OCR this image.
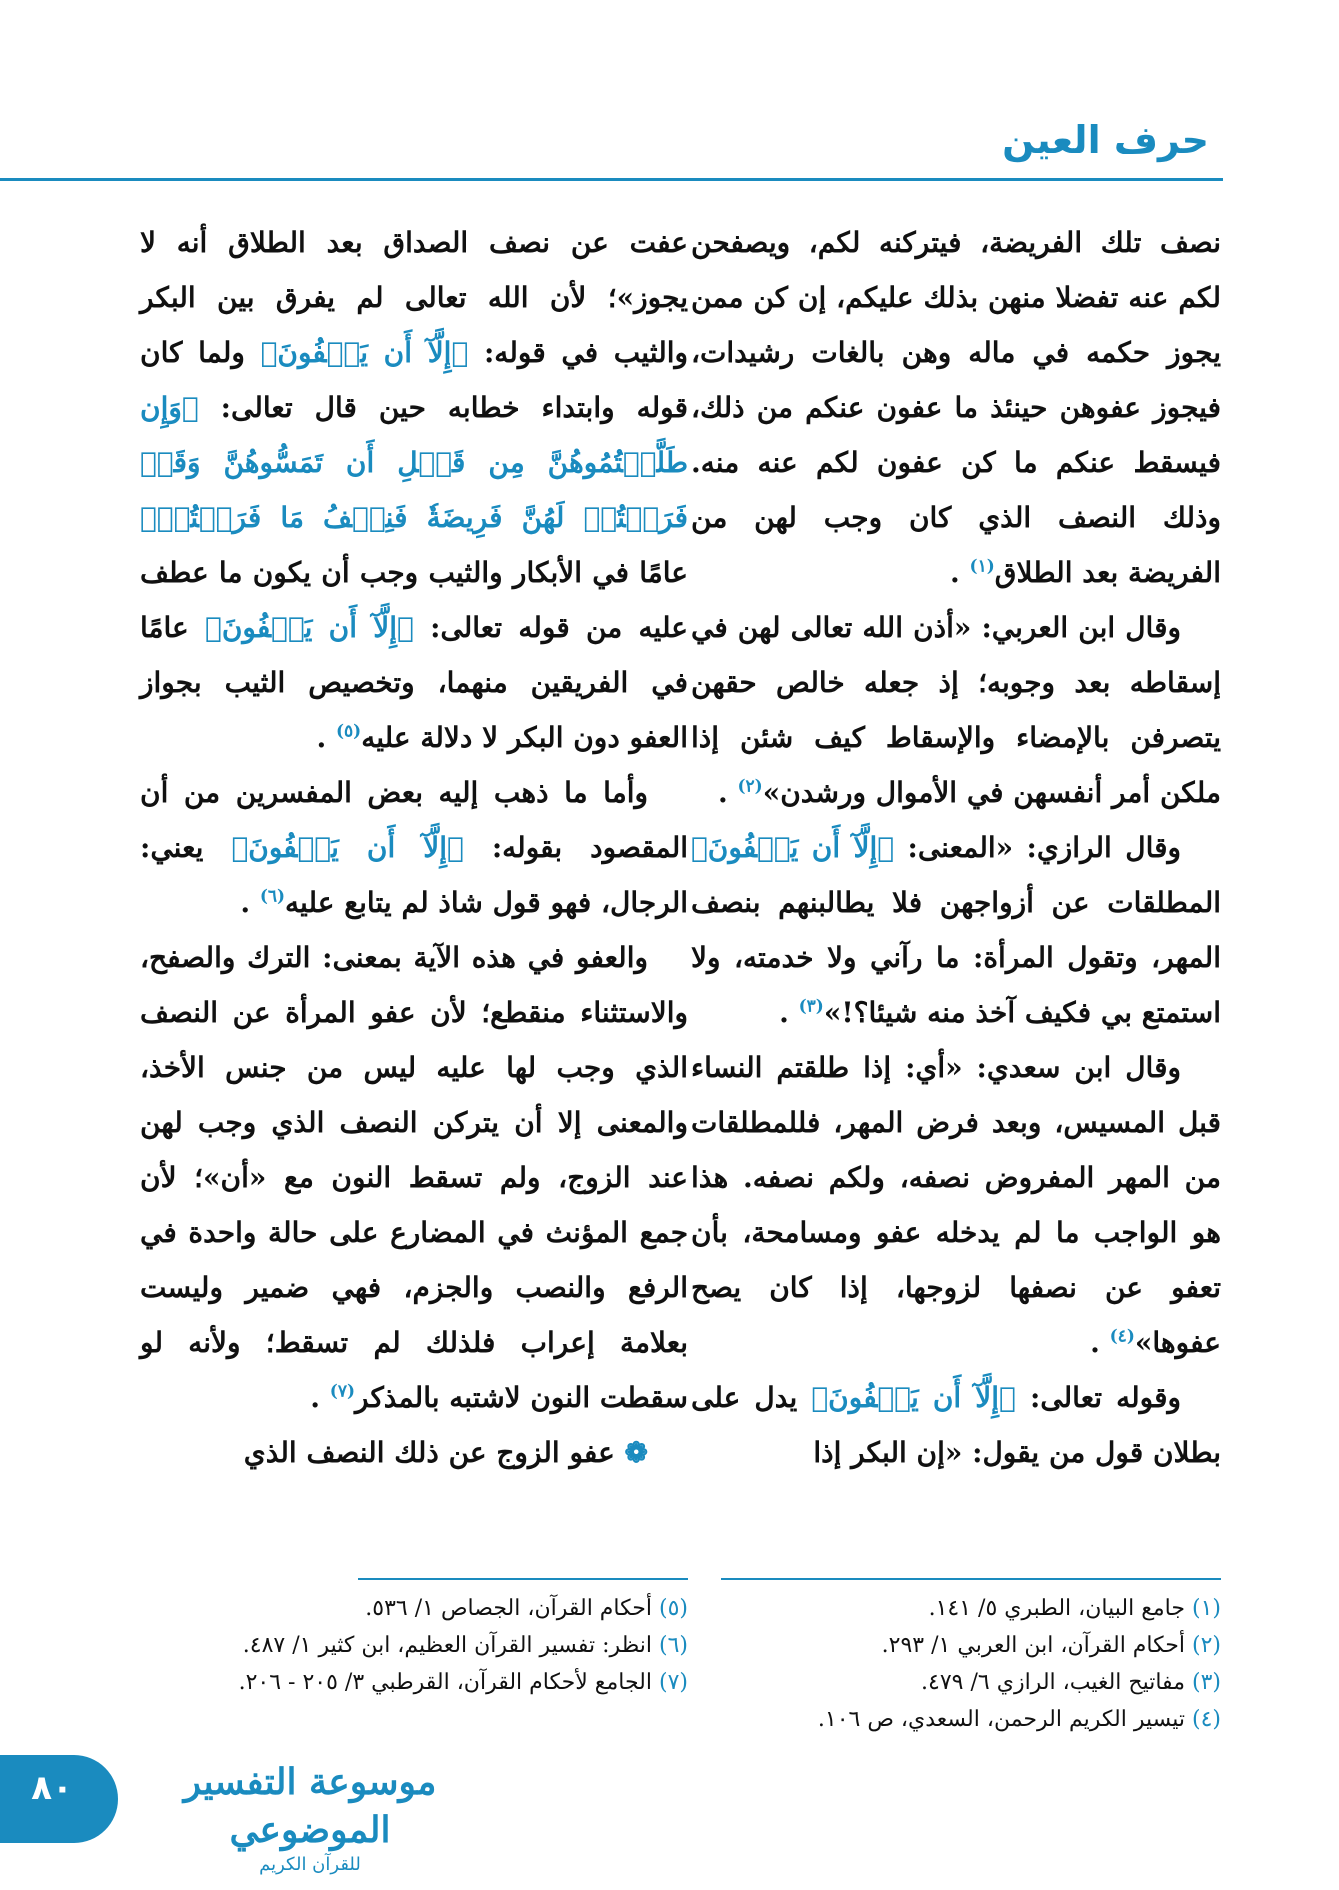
حرف العين

نصف تلك الفريضة، فيتركنه لكم، ويصفحن لكم عنه تفضلا منهن بذلك عليكم، إن كن ممن يجوز حكمه في ماله وهن بالغات رشيدات، فيجوز عفوهن حينئذ ما عفون عنكم من ذلك، فيسقط عنكم ما كن عفون لكم عنه منه. وذلك النصف الذي كان وجب لهن من الفريضة بعد الطلاق$^{(١)}$ .

وقال ابن العربي: «أذن الله تعالى لهن في إسقاطه بعد وجوبه؛ إذ جعله خالص حقهن يتصرفن بالإمضاء والإسقاط كيف شئن إذا ملكن أمر أنفسهن في الأموال ورشدن»$^{(٢)}$ .

وقال الرازي: «المعنى: ﴿إِلَّآ أَن يَعۡفُونَ﴾ المطلقات عن أزواجهن فلا يطالبنهم بنصف المهر، وتقول المرأة: ما رآني ولا خدمته، ولا استمتع بي فكيف آخذ منه شيئا؟!»$^{(٣)}$ .

وقال ابن سعدي: «أي: إذا طلقتم النساء قبل المسيس، وبعد فرض المهر، فللمطلقات من المهر المفروض نصفه، ولكم نصفه. هذا هو الواجب ما لم يدخله عفو ومسامحة، بأن تعفو عن نصفها لزوجها، إذا كان يصح عفوها»$^{(٤)}$ .

وقوله تعالى: ﴿إِلَّآ أَن يَعۡفُونَ﴾ يدل على بطلان قول من يقول: «إن البكر إذا

عفت عن نصف الصداق بعد الطلاق أنه لا يجوز»؛ لأن الله تعالى لم يفرق بين البكر والثيب في قوله: ﴿إِلَّآ أَن يَعۡفُونَ﴾ ولما كان قوله وابتداء خطابه حين قال تعالى: ﴿وَإِن طَلَّقۡتُمُوهُنَّ مِن قَبۡلِ أَن تَمَسُّوهُنَّ وَقَدۡ فَرَضۡتُمۡ لَهُنَّ فَرِيضَةٗ فَنِصۡفُ مَا فَرَضۡتُمۡ﴾ عامًا في الأبكار والثيب وجب أن يكون ما عطف عليه من قوله تعالى: ﴿إِلَّآ أَن يَعۡفُونَ﴾ عامًا في الفريقين منهما، وتخصيص الثيب بجواز العفو دون البكر لا دلالة عليه$^{(٥)}$ .

وأما ما ذهب إليه بعض المفسرين من أن المقصود بقوله: ﴿إِلَّآ أَن يَعۡفُونَ﴾ يعني: الرجال، فهو قول شاذ لم يتابع عليه$^{(٦)}$ .

والعفو في هذه الآية بمعنى: الترك والصفح، والاستثناء منقطع؛ لأن عفو المرأة عن النصف الذي وجب لها عليه ليس من جنس الأخذ، والمعنى إلا أن يتركن النصف الذي وجب لهن عند الزوج، ولم تسقط النون مع «أن»؛ لأن جمع المؤنث في المضارع على حالة واحدة في الرفع والنصب والجزم، فهي ضمير وليست بعلامة إعراب فلذلك لم تسقط؛ ولأنه لو سقطت النون لاشتبه بالمذكر$^{(٧)}$ .

❁ عفو الزوج عن ذلك النصف الذي

(١) جامع البيان، الطبري ٥/ ١٤١.

(٢) أحكام القرآن، ابن العربي ١/ ٢٩٣.

(٣) مفاتيح الغيب، الرازي ٦/ ٤٧٩.

(٤) تيسير الكريم الرحمن، السعدي، ص ١٠٦.

(٥) أحكام القرآن، الجصاص ١/ ٥٣٦.

(٦) انظر: تفسير القرآن العظيم، ابن كثير ١/ ٤٨٧.

(٧) الجامع لأحكام القرآن، القرطبي ٣/ ٢٠٥ - ٢٠٦.

٨٠	موسوعة التفسير الموضوعي
للقرآن الكريم
